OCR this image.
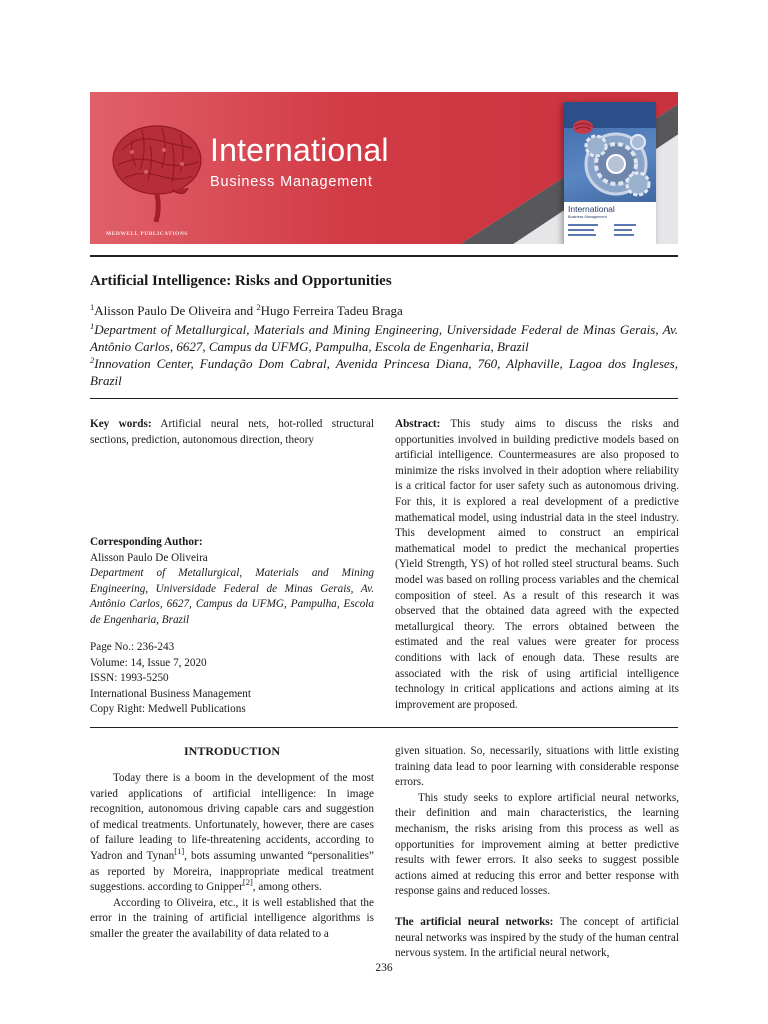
MEDWELL PUBLICATIONS
International
Business Management
International
Business Management
Artificial Intelligence: Risks and Opportunities
$^1$Alisson Paulo De Oliveira and $^2$Hugo Ferreira Tadeu Braga
$^1$Department of Metallurgical, Materials and Mining Engineering, Universidade Federal de Minas Gerais, Av. Antônio Carlos, 6627, Campus da UFMG, Pampulha, Escola de Engenharia, Brazil
$^2$Innovation Center, Fundação Dom Cabral, Avenida Princesa Diana, 760, Alphaville, Lagoa dos Ingleses, Brazil
Key words: Artificial neural nets, hot-rolled structural sections, prediction, autonomous direction, theory
Corresponding Author:
Alisson Paulo De Oliveira
Department of Metallurgical, Materials and Mining Engineering, Universidade Federal de Minas Gerais, Av. Antônio Carlos, 6627, Campus da UFMG, Pampulha, Escola de Engenharia, Brazil
Page No.: 236-243
Volume: 14, Issue 7, 2020
ISSN: 1993-5250
International Business Management
Copy Right: Medwell Publications
Abstract: This study aims to discuss the risks and opportunities involved in building predictive models based on artificial intelligence. Countermeasures are also proposed to minimize the risks involved in their adoption where reliability is a critical factor for user safety such as autonomous driving. For this, it is explored a real development of a predictive mathematical model, using industrial data in the steel industry. This development aimed to construct an empirical mathematical model to predict the mechanical properties (Yield Strength, YS) of hot rolled steel structural beams. Such model was based on rolling process variables and the chemical composition of steel. As a result of this research it was observed that the obtained data agreed with the expected metallurgical theory. The errors obtained between the estimated and the real values were greater for process conditions with lack of enough data. These results are associated with the risk of using artificial intelligence technology in critical applications and actions aiming at its improvement are proposed.
INTRODUCTION
Today there is a boom in the development of the most varied applications of artificial intelligence: In image recognition, autonomous driving capable cars and suggestion of medical treatments. Unfortunately, however, there are cases of failure leading to life-threatening accidents, according to Yadron and Tynan[1], bots assuming unwanted “personalities” as reported by Moreira, inappropriate medical treatment suggestions. according to Gnipper[2], among others.
According to Oliveira, etc., it is well established that the error in the training of artificial intelligence algorithms is smaller the greater the availability of data related to a
given situation. So, necessarily, situations with little existing training data lead to poor learning with considerable response errors.
This study seeks to explore artificial neural networks, their definition and main characteristics, the learning mechanism, the risks arising from this process as well as opportunities for improvement aiming at better predictive results with fewer errors. It also seeks to suggest possible actions aimed at reducing this error and better response with response gains and reduced losses.
The artificial neural networks: The concept of artificial neural networks was inspired by the study of the human central nervous system. In the artificial neural network,
236
